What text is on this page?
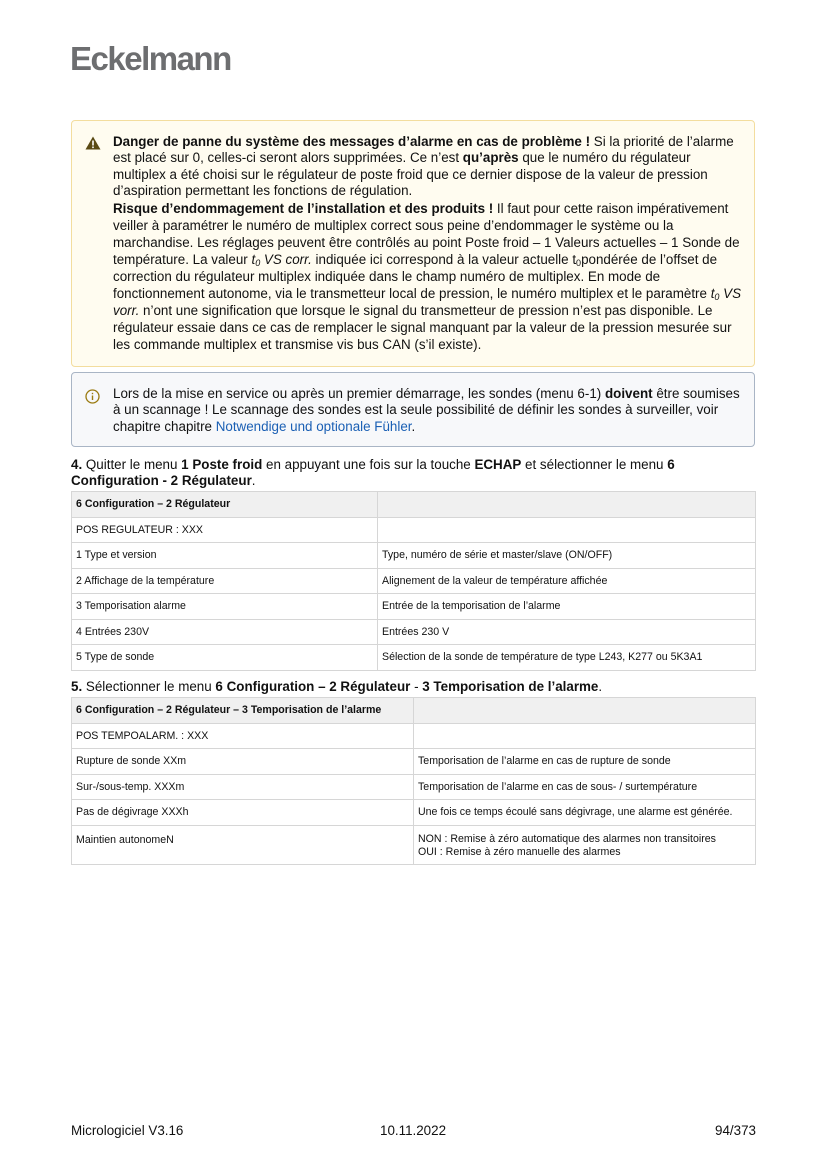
Eckelmann
Danger de panne du système des messages d’alarme en cas de problème ! Si la priorité de l’alarme est placé sur 0, celles-ci seront alors supprimées. Ce n’est qu’après que le numéro du régulateur multiplex a été choisi sur le régulateur de poste froid que ce dernier dispose de la valeur de pression d’aspiration permettant les fonctions de régulation.
Risque d’endommagement de l’installation et des produits ! Il faut pour cette raison impérativement veiller à paramétrer le numéro de multiplex correct sous peine d’endommager le système ou la marchandise. Les réglages peuvent être contrôlés au point Poste froid – 1 Valeurs actuelles – 1 Sonde de température. La valeur $t_0$ VS corr. indiquée ici correspond à la valeur actuelle $t_0pondérée$ de l’offset de correction du régulateur multiplex indiquée dans le champ numéro de multiplex. En mode de fonctionnement autonome, via le transmetteur local de pression, le numéro multiplex et le paramètre $t_0$ VS vorr. n’ont une signification que lorsque le signal du transmetteur de pression n’est pas disponible. Le régulateur essaie dans ce cas de remplacer le signal manquant par la valeur de la pression mesurée sur les commande multiplex et transmise vis bus CAN (s’il existe).
Lors de la mise en service ou après un premier démarrage, les sondes (menu 6-1) doivent être soumises à un scannage ! Le scannage des sondes est la seule possibilité de définir les sondes à surveiller, voir chapitre chapitre Notwendige und optionale Fühler.
4. Quitter le menu 1 Poste froid en appuyant une fois sur la touche ECHAP et sélectionner le menu 6 Configuration - 2 Régulateur.
6 Configuration – 2 Régulateur	
POS REGULATEUR : XXX	
1 Type et version	Type, numéro de série et master/slave (ON/OFF)
2 Affichage de la température	Alignement de la valeur de température affichée
3 Temporisation alarme	Entrée de la temporisation de l’alarme
4 Entrées 230V	Entrées 230 V
5 Type de sonde	Sélection de la sonde de température de type L243, K277 ou 5K3A1
5. Sélectionner le menu 6 Configuration – 2 Régulateur - 3 Temporisation de l’alarme.
6 Configuration – 2 Régulateur – 3 Temporisation de l’alarme	
POS TEMPOALARM. : XXX	
Rupture de sonde XXm	Temporisation de l’alarme en cas de rupture de sonde
Sur-/sous-temp. XXXm	Temporisation de l’alarme en cas de sous- / surtempérature
Pas de dégivrage XXXh	Une fois ce temps écoulé sans dégivrage, une alarme est générée.
Maintien autonomeN	NON : Remise à zéro automatique des alarmes non transitoires
OUI : Remise à zéro manuelle des alarmes
Micrologiciel V3.16	10.11.2022	94/373
